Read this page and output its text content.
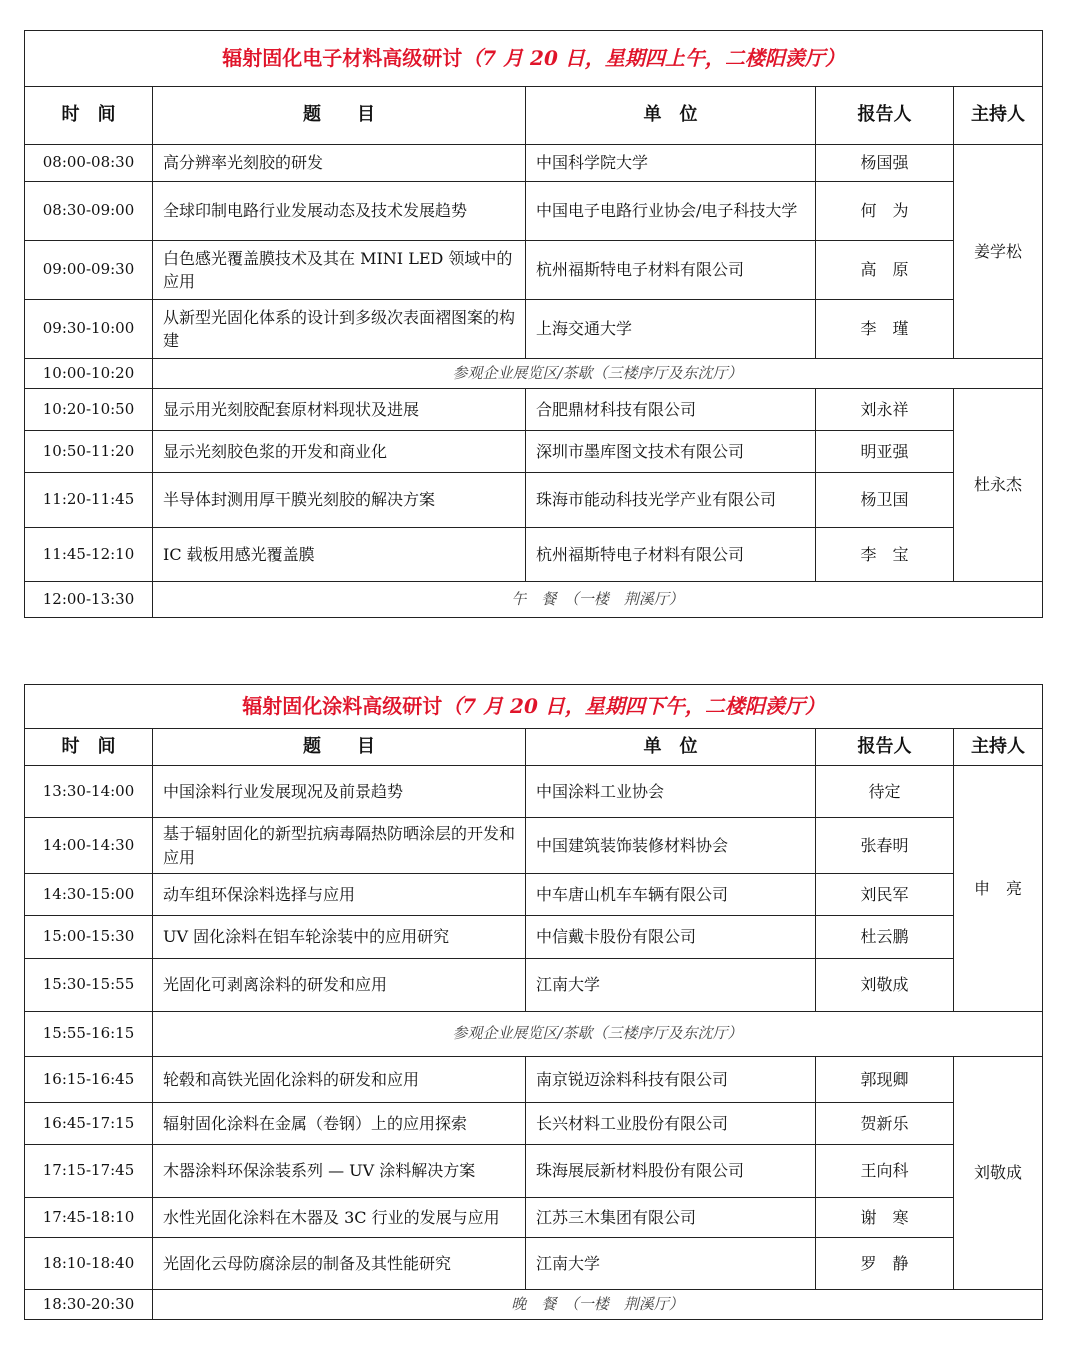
辐射固化电子材料高级研讨（7 月 20 日，星期四上午，二楼阳羡厅）				
时　间	题　　目	单　位	报告人	主持人
08:00-08:30	高分辨率光刻胶的研发	中国科学院大学	杨国强	姜学松
08:30-09:00	全球印制电路行业发展动态及技术发展趋势	中国电子电路行业协会/电子科技大学	何　为	
09:00-09:30	白色感光覆盖膜技术及其在 MINI LED 领域中的应用	杭州福斯特电子材料有限公司	高　原	
09:30-10:00	从新型光固化体系的设计到多级次表面褶图案的构建	上海交通大学	李　瑾	
10:00-10:20	参观企业展览区/茶歇（三楼序厅及东沈厅）			
10:20-10:50	显示用光刻胶配套原材料现状及进展	合肥鼎材科技有限公司	刘永祥	杜永杰
10:50-11:20	显示光刻胶色浆的开发和商业化	深圳市墨库图文技术有限公司	明亚强	
11:20-11:45	半导体封测用厚干膜光刻胶的解决方案	珠海市能动科技光学产业有限公司	杨卫国	
11:45-12:10	IC 载板用感光覆盖膜	杭州福斯特电子材料有限公司	李　宝	
12:00-13:30	午　餐　（一楼　荆溪厅）			
辐射固化涂料高级研讨（7 月 20 日，星期四下午，二楼阳羡厅）				
时　间	题　　目	单　位	报告人	主持人
13:30-14:00	中国涂料行业发展现况及前景趋势	中国涂料工业协会	待定	申　亮
14:00-14:30	基于辐射固化的新型抗病毒隔热防晒涂层的开发和应用	中国建筑装饰装修材料协会	张春明	
14:30-15:00	动车组环保涂料选择与应用	中车唐山机车车辆有限公司	刘民军	
15:00-15:30	UV 固化涂料在铝车轮涂装中的应用研究	中信戴卡股份有限公司	杜云鹏	
15:30-15:55	光固化可剥离涂料的研发和应用	江南大学	刘敬成	
15:55-16:15	参观企业展览区/茶歇（三楼序厅及东沈厅）			
16:15-16:45	轮毂和高铁光固化涂料的研发和应用	南京锐迈涂料科技有限公司	郭现卿	刘敬成
16:45-17:15	辐射固化涂料在金属（卷钢）上的应用探索	长兴材料工业股份有限公司	贺新乐	
17:15-17:45	木器涂料环保涂装系列 — UV 涂料解决方案	珠海展辰新材料股份有限公司	王向科	
17:45-18:10	水性光固化涂料在木器及 3C 行业的发展与应用	江苏三木集团有限公司	谢　寒	
18:10-18:40	光固化云母防腐涂层的制备及其性能研究	江南大学	罗　静	
18:30-20:30	晚　餐　（一楼　荆溪厅）			
